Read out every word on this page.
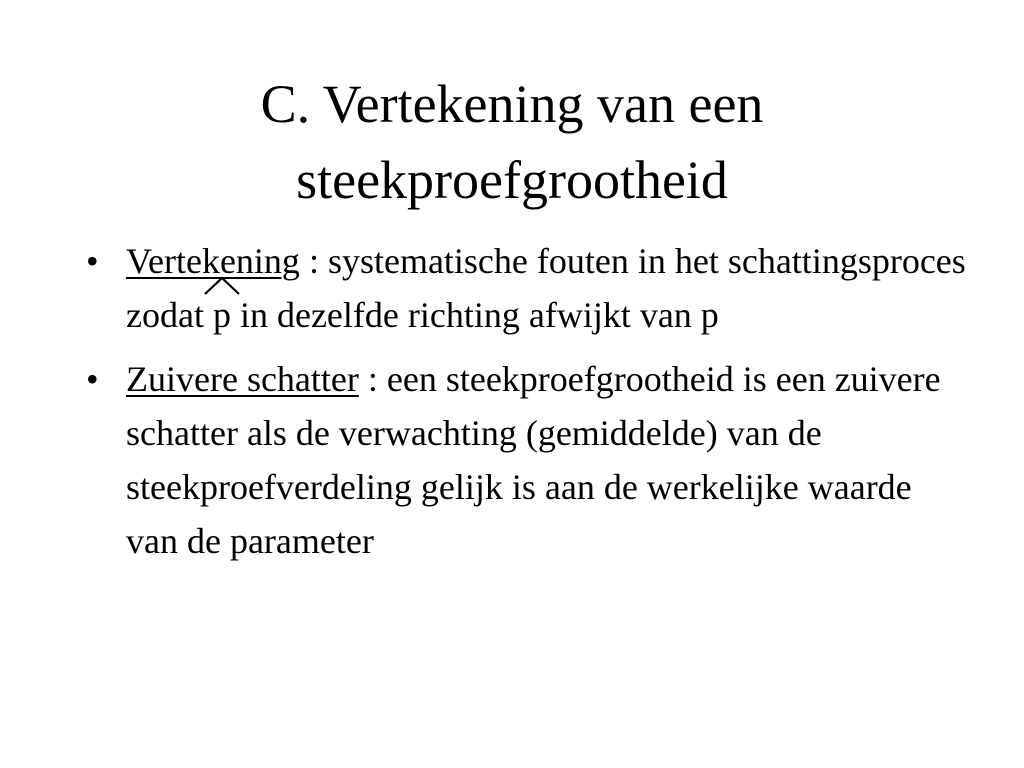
C. Vertekening van een
steekproefgrootheid
• Vertekening : systematische fouten in het schattingsproces zodat
p in dezelfde richting afwijkt van p
• Zuivere schatter : een steekproefgrootheid is een zuivere schatter als de verwachting (gemiddelde) van de steekproefverdeling gelijk is aan de werkelijke waarde van de parameter
